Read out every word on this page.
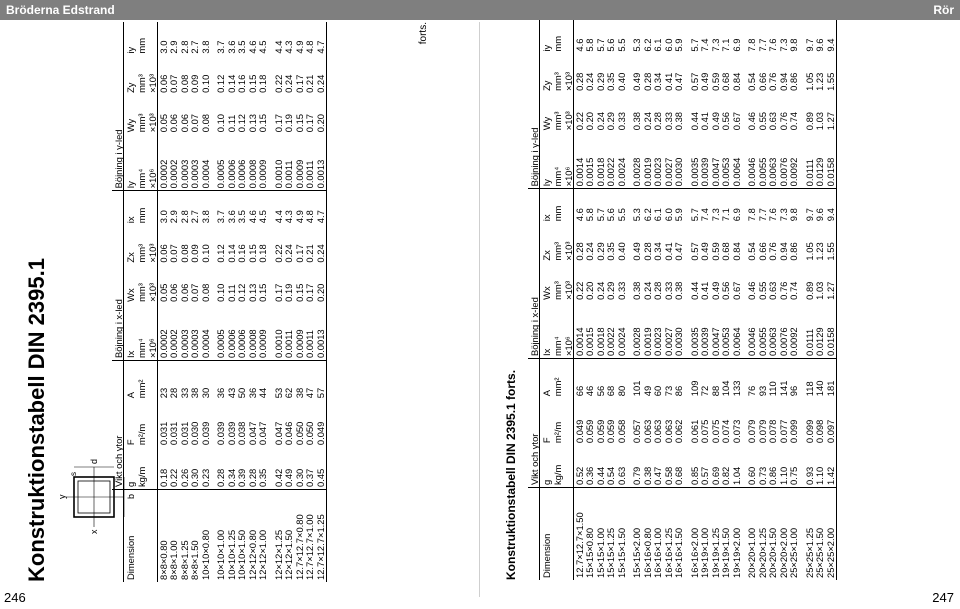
Bröderna Edstrand	Rör
246	247
Konstruktionstabell DIN 2395.1	x
y
d
b
s
		Vikt och ytor			Böjning i x-led				Böjning i y-led			
Dimension	g	F	A	Ix	Wx	Zx	ix	Iy	Wy	Zy	iy
	kg/m	m²/m	mm²	mm⁴	mm³	mm³	mm	mm⁴	mm³	mm³	mm
				×10⁶	×10³	×10³		×10⁶	×10³	×10³	
8×8×0.80	0.18	0.031	23	0.0002	0.05	0.06	3.0	0.0002	0.05	0.06	3.0
8×8×1.00	0.22	0.031	28	0.0002	0.06	0.07	2.9	0.0002	0.06	0.07	2.9
8×8×1.25	0.26	0.031	33	0.0003	0.06	0.08	2.8	0.0003	0.06	0.08	2.8
8×8×1.50	0.30	0.030	38	0.0003	0.07	0.09	2.7	0.0003	0.07	0.09	2.7
10×10×0.80	0.23	0.039	30	0.0004	0.08	0.10	3.8	0.0004	0.08	0.10	3.8

10×10×1.00	0.28	0.039	36	0.0005	0.10	0.12	3.7	0.0005	0.10	0.12	3.7
10×10×1.25	0.34	0.039	43	0.0006	0.11	0.14	3.6	0.0006	0.11	0.14	3.6
10×10×1.50	0.39	0.038	50	0.0006	0.12	0.16	3.5	0.0006	0.12	0.16	3.5
12×12×0.80	0.28	0.047	36	0.0008	0.13	0.15	4.6	0.0008	0.13	0.15	4.6
12×12×1.00	0.35	0.047	44	0.0009	0.15	0.18	4.5	0.0009	0.15	0.18	4.5

12×12×1.25	0.42	0.047	53	0.0010	0.17	0.22	4.4	0.0010	0.17	0.22	4.4
12×12×1.50	0.49	0.046	62	0.0011	0.19	0.24	4.3	0.0011	0.19	0.24	4.3
12.7×12.7×0.80	0.30	0.050	38	0.0009	0.15	0.17	4.9	0.0009	0.15	0.17	4.9
12.7×12.7×1.00	0.37	0.050	47	0.0011	0.17	0.21	4.8	0.0011	0.17	0.21	4.8
12.7×12.7×1.25	0.45	0.049	57	0.0013	0.20	0.24	4.7	0.0013	0.20	0.24	4.7
forts.
Konstruktionstabell DIN 2395.1 forts.
	Vikt och ytor			Böjning i x-led				Böjning i y-led			
Dimension	g	F	A	Ix	Wx	Zx	ix	Iy	Wy	Zy	iy
	kg/m	m²/m	mm²	mm⁴	mm³	mm³	mm	mm⁴	mm³	mm³	mm
				×10⁶	×10³	×10³		×10⁶	×10³	×10³	
12.7×12.7×1.50	0.52	0.049	66	0.0014	0.22	0.28	4.6	0.0014	0.22	0.28	4.6
15×15×0.80	0.36	0.059	46	0.0015	0.20	0.24	5.8	0.0015	0.20	0.24	5.8
15×15×1.00	0.44	0.059	56	0.0018	0.24	0.29	5.7	0.0018	0.24	0.29	5.7
15×15×1.25	0.54	0.059	68	0.0022	0.29	0.35	5.6	0.0022	0.29	0.35	5.6
15×15×1.50	0.63	0.058	80	0.0024	0.33	0.40	5.5	0.0024	0.33	0.40	5.5

15×15×2.00	0.79	0.057	101	0.0028	0.38	0.49	5.3	0.0028	0.38	0.49	5.3
16×16×0.80	0.38	0.063	49	0.0019	0.24	0.28	6.2	0.0019	0.24	0.28	6.2
16×16×1.00	0.47	0.063	60	0.0023	0.28	0.34	6.1	0.0023	0.28	0.34	6.1
16×16×1.25	0.58	0.063	73	0.0027	0.33	0.41	6.0	0.0027	0.33	0.41	6.0
16×16×1.50	0.68	0.062	86	0.0030	0.38	0.47	5.9	0.0030	0.38	0.47	5.9

16×16×2.00	0.85	0.061	109	0.0035	0.44	0.57	5.7	0.0035	0.44	0.57	5.7
19×19×1.00	0.57	0.075	72	0.0039	0.41	0.49	7.4	0.0039	0.41	0.49	7.4
19×19×1.25	0.69	0.075	88	0.0047	0.49	0.59	7.3	0.0047	0.49	0.59	7.3
19×19×1.50	0.82	0.074	104	0.0053	0.56	0.68	7.1	0.0053	0.56	0.68	7.1
19×19×2.00	1.04	0.073	133	0.0064	0.67	0.84	6.9	0.0064	0.67	0.84	6.9

20×20×1.00	0.60	0.079	76	0.0046	0.46	0.54	7.8	0.0046	0.46	0.54	7.8
20×20×1.25	0.73	0.079	93	0.0055	0.55	0.66	7.7	0.0055	0.55	0.66	7.7
20×20×1.50	0.86	0.078	110	0.0063	0.63	0.76	7.6	0.0063	0.63	0.76	7.6
20×20×2.00	1.10	0.077	141	0.0076	0.76	0.94	7.3	0.0076	0.76	0.94	7.3
25×25×1.00	0.75	0.099	96	0.0092	0.74	0.86	9.8	0.0092	0.74	0.86	9.8

25×25×1.25	0.93	0.099	118	0.0111	0.89	1.05	9.7	0.0111	0.89	1.05	9.7
25×25×1.50	1.10	0.098	140	0.0129	1.03	1.23	9.6	0.0129	1.03	1.23	9.6
25×25×2.00	1.42	0.097	181	0.0158	1.27	1.55	9.4	0.0158	1.27	1.55	9.4
